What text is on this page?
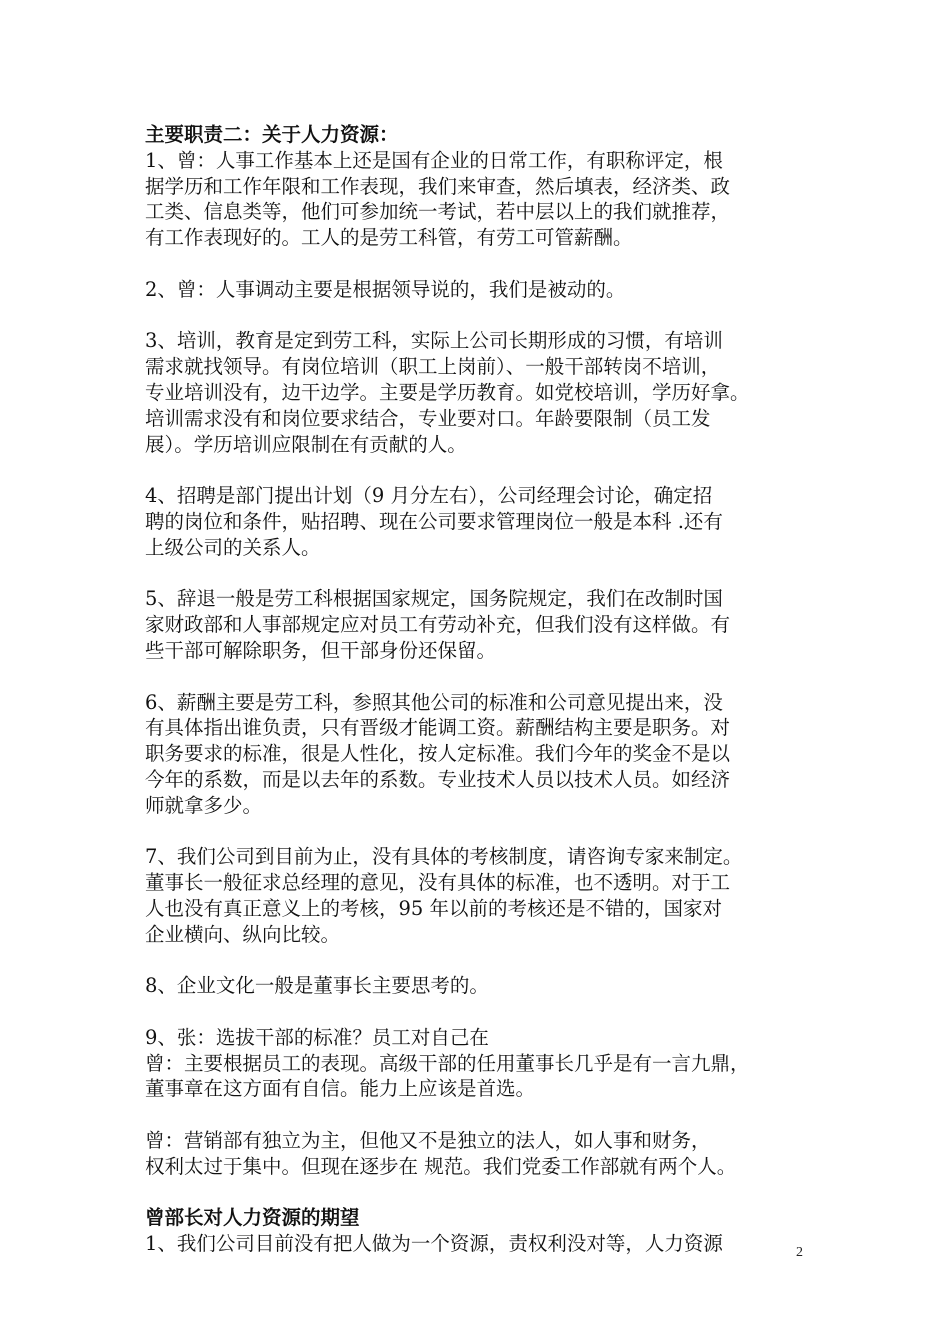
主要职责二：关于人力资源：
1、曾：人事工作基本上还是国有企业的日常工作，有职称评定，根
据学历和工作年限和工作表现，我们来审查，然后填表，经济类、政
工类、信息类等，他们可参加统一考试，若中层以上的我们就推荐，
有工作表现好的。工人的是劳工科管，有劳工可管薪酬。
2、曾：人事调动主要是根据领导说的，我们是被动的。
3、培训，教育是定到劳工科，实际上公司长期形成的习惯，有培训
需求就找领导。有岗位培训（职工上岗前）、一般干部转岗不培训，
专业培训没有，边干边学。主要是学历教育。如党校培训，学历好拿。
培训需求没有和岗位要求结合，专业要对口。年龄要限制（员工发
展）。学历培训应限制在有贡献的人。
4、招聘是部门提出计划（9 月分左右），公司经理会讨论，确定招
聘的岗位和条件，贴招聘、现在公司要求管理岗位一般是本科 .还有
上级公司的关系人。
5、辞退一般是劳工科根据国家规定，国务院规定，我们在改制时国
家财政部和人事部规定应对员工有劳动补充，但我们没有这样做。有
些干部可解除职务，但干部身份还保留。
6、薪酬主要是劳工科，参照其他公司的标准和公司意见提出来，没
有具体指出谁负责，只有晋级才能调工资。薪酬结构主要是职务。对
职务要求的标准，很是人性化，按人定标准。我们今年的奖金不是以
今年的系数，而是以去年的系数。专业技术人员以技术人员。如经济
师就拿多少。
7、我们公司到目前为止，没有具体的考核制度，请咨询专家来制定。
董事长一般征求总经理的意见，没有具体的标准，也不透明。对于工
人也没有真正意义上的考核，95 年以前的考核还是不错的，国家对
企业横向、纵向比较。
8、企业文化一般是董事长主要思考的。
9、张：选拔干部的标准？员工对自己在
曾：主要根据员工的表现。高级干部的任用董事长几乎是有一言九鼎，
董事章在这方面有自信。能力上应该是首选。
曾：营销部有独立为主，但他又不是独立的法人，如人事和财务，
权利太过于集中。但现在逐步在 规范。我们党委工作部就有两个人。
曾部长对人力资源的期望
1、我们公司目前没有把人做为一个资源，责权利没对等，人力资源	2
